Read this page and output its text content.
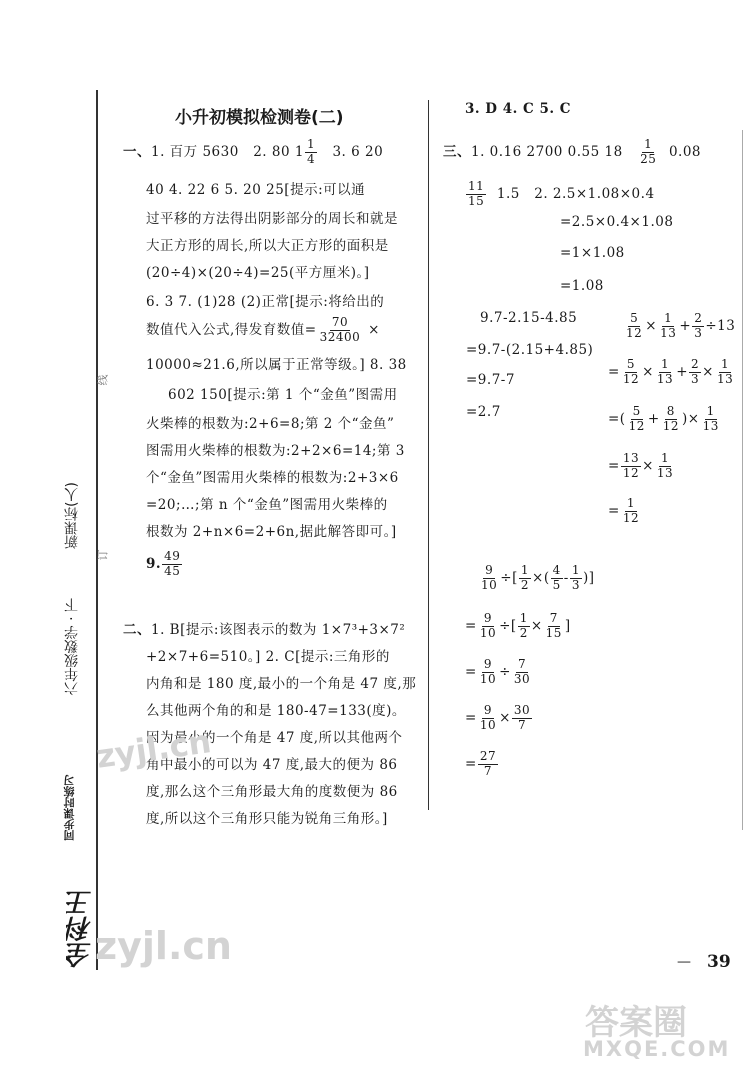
线
订
新课标(人)
六年级数学 · 下
同步课时练习
全科王
小升初模拟检测卷(二)
一、1. 百万 5630 2. 80 $1 \frac{1}{4} 3$. 6 20
40 4. 22 6 5. 20 25[提示:可以通
过平移的方法得出阴影部分的周长和就是
大正方形的周长,所以大正方形的面积是
(20÷4)×(20÷4)=25(平方厘米)。]
6. 3 7. (1)28 (2)正常[提示:将给出的
数值代入公式,得发育数值= $\frac{70}{32400}$ ×
10000≈21.6,所以属于正常等级。] 8. 38
602 150[提示:第 1 个“金鱼”图需用
火柴棒的根数为:2+6=8;第 2 个“金鱼”
图需用火柴棒的根数为:2+2×6=14;第 3
个“金鱼”图需用火柴棒的根数为:2+3×6
=20;…;第 n 个“金鱼”图需用火柴棒的
根数为 2+n×6=2+6n,据此解答即可。]
9. $\frac{49}{45}$
二、1. B[提示:该图表示的数为 1×7³+3×7²
+2×7+6=510。] 2. C[提示:三角形的
内角和是 180 度,最小的一个角是 47 度,那
么其他两个角的和是 180-47=133(度)。
因为最小的一个角是 47 度,所以其他两个
角中最小的可以为 47 度,最大的便为 86
度,那么这个三角形最大角的度数便为 86
度,所以这个三角形只能为锐角三角形。]
3. D 4. C 5. C
三、1. 0.16 2700 0.55 $18 \frac{1}{25} 0.08$
$\frac{11}{15} 1.5$ 2. 2.5×1.08×0.4
=2.5×0.4×1.08
=1×1.08
=1.08
9.7-2.15-4.85
=9.7-(2.15+4.85)
=9.7-7
=2.7
$\frac{5}{12} \times \frac{1}{13} + \frac{2}{3} \div 13$
= $\frac{5}{12} \times \frac{1}{13} + \frac{2}{3} \times \frac{1}{13}$
=( $\frac{5}{12} + \frac{8}{12}$ )× $\frac{1}{13}$
= $\frac{13}{12} \times \frac{1}{13}$
= $\frac{1}{12}$
$\frac{9}{10}$ ÷[ $\frac{1}{2}$ ×( $\frac{4}{5} - \frac{1}{3}$ )]
= $\frac{9}{10}$ ÷[ $\frac{1}{2} \times \frac{7}{15}$ ]
= $\frac{9}{10} \div \frac{7}{30}$
= $\frac{9}{10} \times \frac{30}{7}$
= $\frac{27}{7}$
— 39
zyjl.cn
zyjl.cn
答案圈
MXQE.COM
